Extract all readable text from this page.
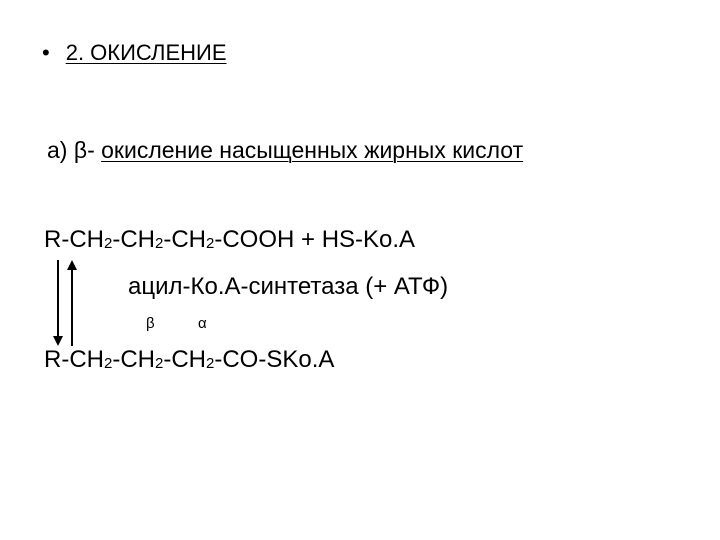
• 2. ОКИСЛЕНИЕ
а) β- окисление насыщенных жирных кислот
R-CH2-CH2-CH2-COOH + HS-Ko.A
ацил-Ко.А-синтетаза (+ АТФ)
β	α
R-CH2-CH2-CH2-CO-SKo.A
